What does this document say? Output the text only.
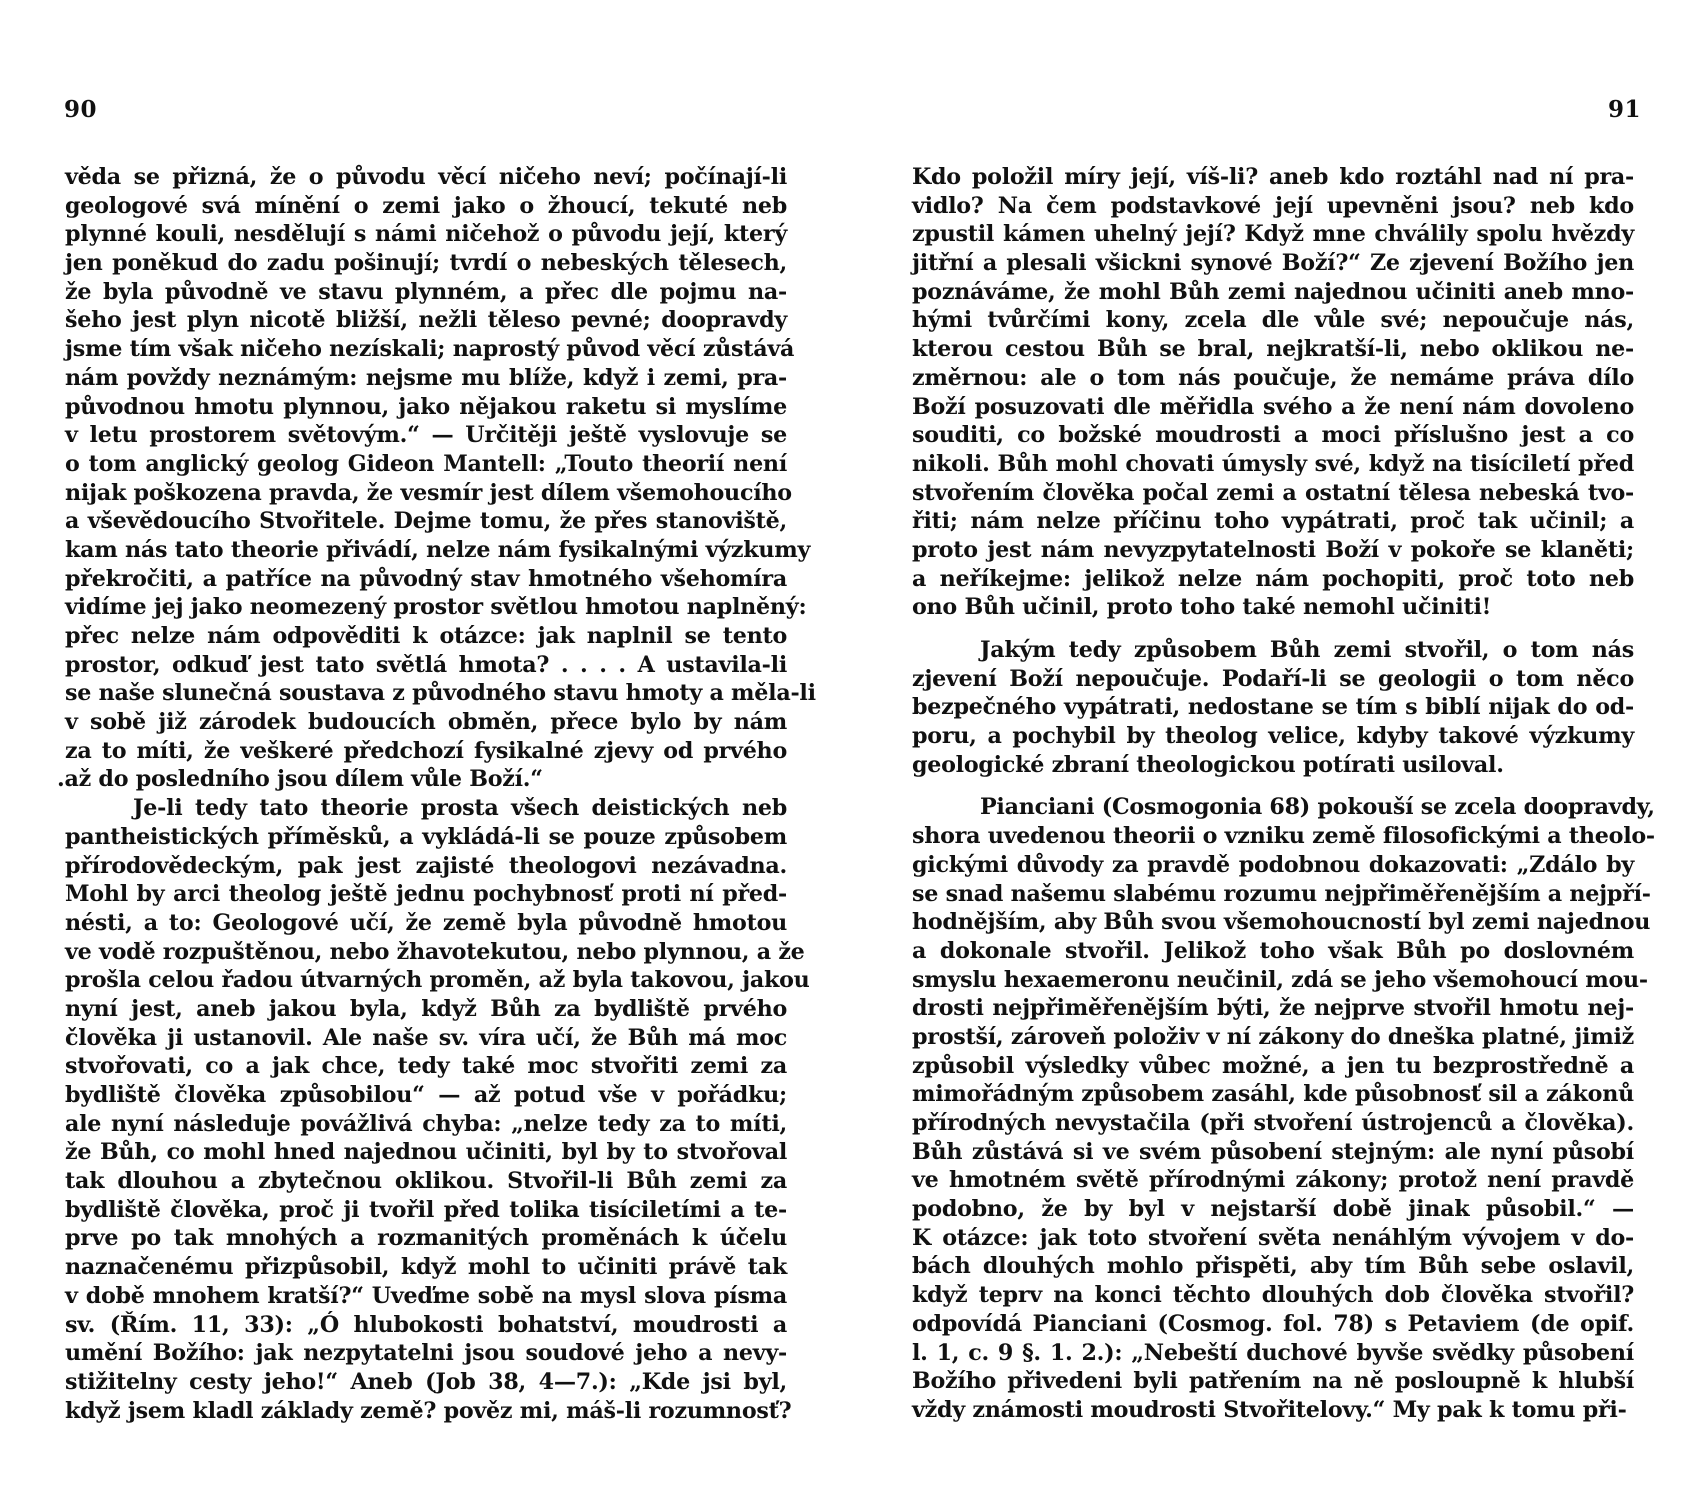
90
věda se přizná, že o původu věcí ničeho neví; počínají-li
geologové svá mínění o zemi jako o žhoucí, tekuté neb
plynné kouli, nesdělují s námi ničehož o původu její, který
jen poněkud do zadu pošinují; tvrdí o nebeských tělesech,
že byla původně ve stavu plynném, a přec dle pojmu na-
šeho jest plyn nicotě bližší, nežli těleso pevné; doopravdy
jsme tím však ničeho nezískali; naprostý původ věcí zůstává
nám povždy neznámým: nejsme mu blíže, když i zemi, pra-
původnou hmotu plynnou, jako nějakou raketu si myslíme
v letu prostorem světovým.“ — Určitěji ještě vyslovuje se
o tom anglický geolog Gideon Mantell: „Touto theorií není
nijak poškozena pravda, že vesmír jest dílem všemohoucího
a vševědoucího Stvořitele. Dejme tomu, že přes stanoviště,
kam nás tato theorie přivádí, nelze nám fysikalnými výzkumy
překročiti, a patříce na původný stav hmotného všehomíra
vidíme jej jako neomezený prostor světlou hmotou naplněný:
přec nelze nám odpověditi k otázce: jak naplnil se tento
prostor, odkuď jest tato světlá hmota? . . . . A ustavila-li
se naše slunečná soustava z původného stavu hmoty a měla-li
v sobě již zárodek budoucích obměn, přece bylo by nám
za to míti, že veškeré předchozí fysikalné zjevy od prvého
.až do posledního jsou dílem vůle Boží.“
Je-li tedy tato theorie prosta všech deistických neb
pantheistických příměsků, a vykládá-li se pouze způsobem
přírodovědeckým, pak jest zajisté theologovi nezávadna.
Mohl by arci theolog ještě jednu pochybnosť proti ní před-
nésti, a to: Geologové učí, že země byla původně hmotou
ve vodě rozpuštěnou, nebo žhavotekutou, nebo plynnou, a že
prošla celou řadou útvarných proměn, až byla takovou, jakou
nyní jest, aneb jakou byla, když Bůh za bydliště prvého
člověka ji ustanovil. Ale naše sv. víra učí, že Bůh má moc
stvořovati, co a jak chce, tedy také moc stvořiti zemi za
bydliště člověka způsobilou“ — až potud vše v pořádku;
ale nyní následuje povážlivá chyba: „nelze tedy za to míti,
že Bůh, co mohl hned najednou učiniti, byl by to stvořoval
tak dlouhou a zbytečnou oklikou. Stvořil-li Bůh zemi za
bydliště člověka, proč ji tvořil před tolika tisíciletími a te-
prve po tak mnohých a rozmanitých proměnách k účelu
naznačenému přizpůsobil, když mohl to učiniti právě tak
v době mnohem kratší?“ Uveďme sobě na mysl slova písma
sv. (Řím. 11, 33): „Ó hlubokosti bohatství, moudrosti a
umění Božího: jak nezpytatelni jsou soudové jeho a nevy-
stižitelny cesty jeho!“ Aneb (Job 38, 4—7.): „Kde jsi byl,
když jsem kladl základy země? pověz mi, máš-li rozumnosť?
91
Kdo položil míry její, víš-li? aneb kdo roztáhl nad ní pra-
vidlo? Na čem podstavkové její upevněni jsou? neb kdo
zpustil kámen uhelný její? Když mne chválily spolu hvězdy
jitřní a plesali všickni synové Boží?“ Ze zjevení Božího jen
poznáváme, že mohl Bůh zemi najednou učiniti aneb mno-
hými tvůrčími kony, zcela dle vůle své; nepoučuje nás,
kterou cestou Bůh se bral, nejkratší-li, nebo oklikou ne-
změrnou: ale o tom nás poučuje, že nemáme práva dílo
Boží posuzovati dle měřidla svého a že není nám dovoleno
souditi, co božské moudrosti a moci příslušno jest a co
nikoli. Bůh mohl chovati úmysly své, když na tisíciletí před
stvořením člověka počal zemi a ostatní tělesa nebeská tvo-
řiti; nám nelze příčinu toho vypátrati, proč tak učinil; a
proto jest nám nevyzpytatelnosti Boží v pokoře se klaněti;
a neříkejme: jelikož nelze nám pochopiti, proč toto neb
ono Bůh učinil, proto toho také nemohl učiniti!
Jakým tedy způsobem Bůh zemi stvořil, o tom nás
zjevení Boží nepoučuje. Podaří-li se geologii o tom něco
bezpečného vypátrati, nedostane se tím s biblí nijak do od-
poru, a pochybil by theolog velice, kdyby takové výzkumy
geologické zbraní theologickou potírati usiloval.
Pianciani (Cosmogonia 68) pokouší se zcela doopravdy,
shora uvedenou theorii o vzniku země filosofickými a theolo-
gickými důvody za pravdě podobnou dokazovati: „Zdálo by
se snad našemu slabému rozumu nejpřiměřenějším a nejpří-
hodnějším, aby Bůh svou všemohoucností byl zemi najednou
a dokonale stvořil. Jelikož toho však Bůh po doslovném
smyslu hexaemeronu neučinil, zdá se jeho všemohoucí mou-
drosti nejpřiměřenějším býti, že nejprve stvořil hmotu nej-
prostší, zároveň položiv v ní zákony do dneška platné, jimiž
způsobil výsledky vůbec možné, a jen tu bezprostředně a
mimořádným způsobem zasáhl, kde působnosť sil a zákonů
přírodných nevystačila (při stvoření ústrojenců a člověka).
Bůh zůstává si ve svém působení stejným: ale nyní působí
ve hmotném světě přírodnými zákony; protož není pravdě
podobno, že by byl v nejstarší době jinak působil.“ —
K otázce: jak toto stvoření světa nenáhlým vývojem v do-
bách dlouhých mohlo přispěti, aby tím Bůh sebe oslavil,
když teprv na konci těchto dlouhých dob člověka stvořil?
odpovídá Pianciani (Cosmog. fol. 78) s Petaviem (de opif.
l. 1, c. 9 §. 1. 2.): „Nebeští duchové byvše svědky působení
Božího přivedeni byli patřením na ně posloupně k hlubší
vždy známosti moudrosti Stvořitelovy.“ My pak k tomu při-
